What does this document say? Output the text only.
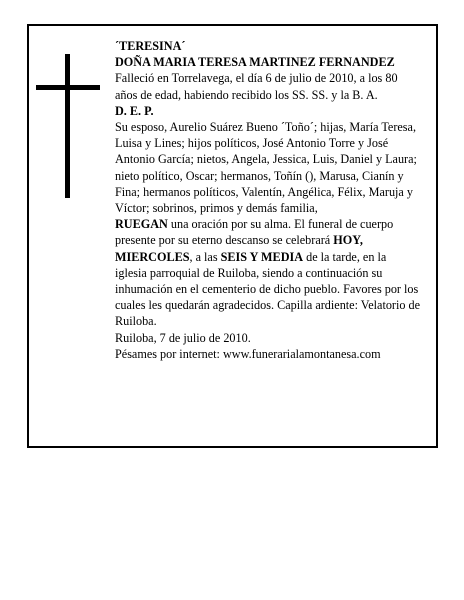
´TERESINA´

DOÑA MARIA TERESA MARTINEZ FERNANDEZ

Falleció en Torrelavega, el día 6 de julio de 2010, a los 80 años de edad, habiendo recibido los SS. SS. y la B. A.

D. E. P.

Su esposo, Aurelio Suárez Bueno ´Toño´; hijas, María Teresa, Luisa y Lines; hijos políticos, José Antonio Torre y José Antonio García; nietos, Angela, Jessica, Luis, Daniel y Laura; nieto político, Oscar; hermanos, Toñín (), Marusa, Cianín y Fina; hermanos políticos, Valentín, Angélica, Félix, Maruja y Víctor; sobrinos, primos y demás familia,

RUEGAN una oración por su alma. El funeral de cuerpo presente por su eterno descanso se celebrará HOY, MIERCOLES, a las SEIS Y MEDIA de la tarde, en la iglesia parroquial de Ruiloba, siendo a continuación su inhumación en el cementerio de dicho pueblo. Favores por los cuales les quedarán agradecidos. Capilla ardiente: Velatorio de Ruiloba.

Ruiloba, 7 de julio de 2010.

Pésames por internet: www.funerarialamontanesa.com
